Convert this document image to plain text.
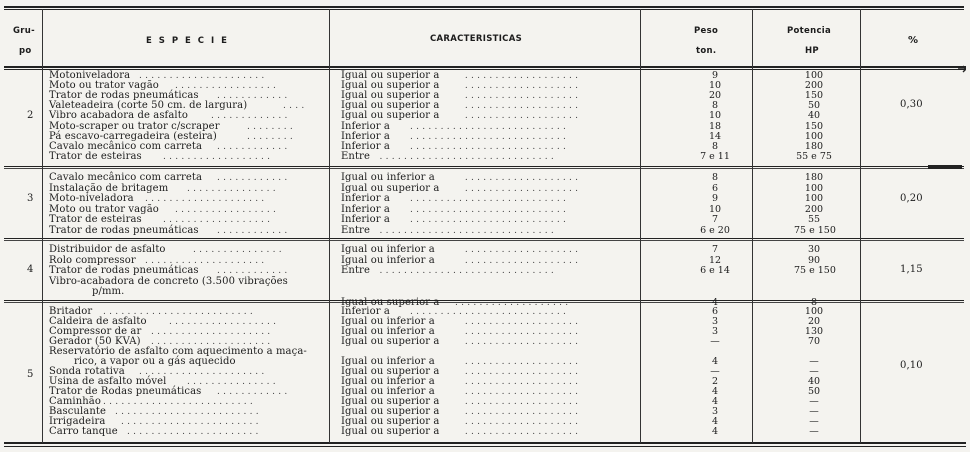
Gru-
po
E S P E C I E	CARACTERISTICAS
Peso
ton.
Potencia
HP
%
2
0,30
Motoniveladora . . . . . . . . . . . . . . . . . . . . .	Igual ou superior a	. . . . . . . . . . . . . . . . . . .	9	100
Moto ou trator vagão . . . . . . . . . . . . . . . . .	Igual ou superior a	. . . . . . . . . . . . . . . . . . .	10	200
Trator de rodas pneumáticas . . . . . . . . . . . .	Igual ou superior a	. . . . . . . . . . . . . . . . . . .	20	150
Valeteadeira (corte 50 cm. de largura)	. . . .	Igual ou superior a	. . . . . . . . . . . . . . . . . . .	8	50
Vibro acabadora de asfalto	. . . . . . . . . . . . .	Igual ou superior a	. . . . . . . . . . . . . . . . . . .	10	40
Moto-scraper ou trator c/scraper	. . . . . . . .	Inferior a . . . . . . . . . . . . . . . . . . . . . . . . . .	18	150
Pá escavo-carregadeira (esteira)	. . . . . . . .	Inferior a . . . . . . . . . . . . . . . . . . . . . . . . . .	14	100
Cavalo mecânico com carreta . . . . . . . . . . . .	Inferior a . . . . . . . . . . . . . . . . . . . . . . . . . .	8	180
Trator de esteiras . . . . . . . . . . . . . . . . . .	Entre . . . . . . . . . . . . . . . . . . . . . . . . . . . . .	7 e 11	55 e 75
3	0,20
Cavalo mecânico com carreta . . . . . . . . . . . .	Igual ou inferior a	. . . . . . . . . . . . . . . . . . .	8	180
Instalação de britagem . . . . . . . . . . . . . . .	Igual ou superior a	. . . . . . . . . . . . . . . . . . .	6	100
Moto-niveladora . . . . . . . . . . . . . . . . . . . .	Inferior a . . . . . . . . . . . . . . . . . . . . . . . . . .	9	100
Moto ou trator vagão . . . . . . . . . . . . . . . . .	Inferior a . . . . . . . . . . . . . . . . . . . . . . . . . .	10	200
Trator de esteiras . . . . . . . . . . . . . . . . . .	Inferior a . . . . . . . . . . . . . . . . . . . . . . . . . .	7	55
Trator de rodas pneumáticas . . . . . . . . . . . .	Entre . . . . . . . . . . . . . . . . . . . . . . . . . . . . .	6 e 20	75 e 150
4	1,15
Distribuidor de asfalto	. . . . . . . . . . . . . . .	Igual ou inferior a	. . . . . . . . . . . . . . . . . . .	7	30
Rolo compressor . . . . . . . . . . . . . . . . . . . .	Igual ou inferior a	. . . . . . . . . . . . . . . . . . .	12	90
Trator de rodas pneumáticas . . . . . . . . . . . .	Entre . . . . . . . . . . . . . . . . . . . . . . . . . . . . .	6 e 14	75 e 150
Vibro-acabadora de concreto (3.500 vibrações
p/mm.
Igual ou superior a . . . . . . . . . . . . . . . . . . .	4	8
5
0,10
Britador . . . . . . . . . . . . . . . . . . . . . . . . .	Inferior a . . . . . . . . . . . . . . . . . . . . . . . . . .	6	100
Caldeira de asfalto . . . . . . . . . . . . . . . . . .	Igual ou inferior a	. . . . . . . . . . . . . . . . . . .	3	20
Compressor de ar . . . . . . . . . . . . . . . . . . . .	Igual ou inferior a	. . . . . . . . . . . . . . . . . . .	3	130
Gerador (50 KVA) . . . . . . . . . . . . . . . . . . . .	Igual ou superior a	. . . . . . . . . . . . . . . . . . .	—	70
Reservatório de asfalto com aquecimento a maça-
rico, a vapor ou a gás aquecido	Igual ou inferior a	. . . . . . . . . . . . . . . . . . .	4	—
Sonda rotativa . . . . . . . . . . . . . . . . . . . . .	Igual ou superior a	. . . . . . . . . . . . . . . . . . .	—	—
Usina de asfalto móvel . . . . . . . . . . . . . . .	Igual ou inferior a	. . . . . . . . . . . . . . . . . . .	2	40
Trator de Rodas pneumáticas . . . . . . . . . . . .	Igual ou inferior a	. . . . . . . . . . . . . . . . . . .	4	50
Caminhão . . . . . . . . . . . . . . . . . . . . . . . . .	Igual ou superior a	. . . . . . . . . . . . . . . . . . .	4	—
Basculante . . . . . . . . . . . . . . . . . . . . . . . .	Igual ou superior a	. . . . . . . . . . . . . . . . . . .	3	—
Irrigadeira . . . . . . . . . . . . . . . . . . . . . . .	Igual ou superior a	. . . . . . . . . . . . . . . . . . .	4	—
Carro tanque . . . . . . . . . . . . . . . . . . . . . .	Igual ou superior a	. . . . . . . . . . . . . . . . . . .	4	—
